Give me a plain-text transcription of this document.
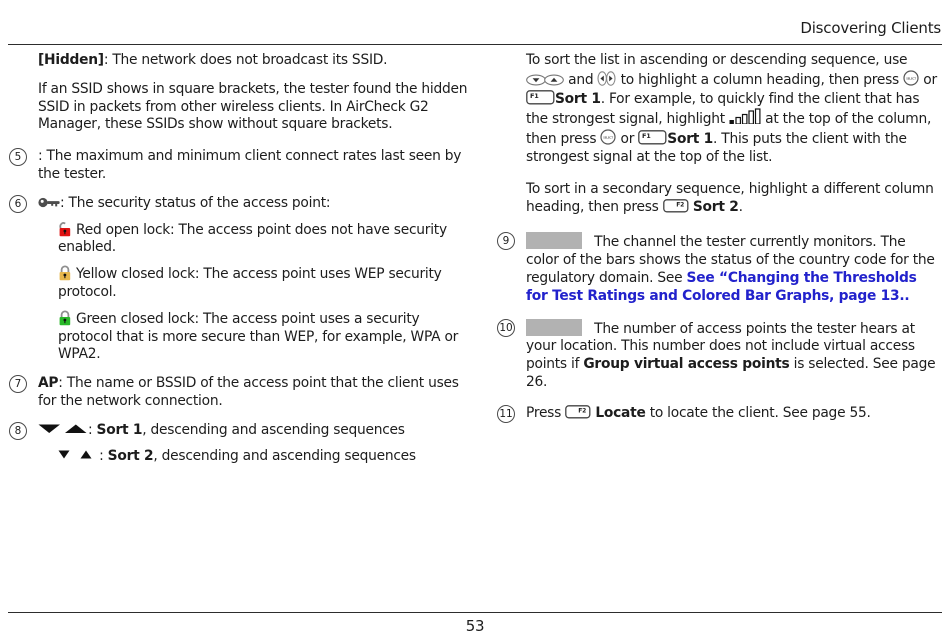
Discovering Clients

[Hidden]: The network does not broadcast its SSID.

If an SSID shows in square brackets, the tester found the hidden SSID in packets from other wireless clients. In AirCheck G2 Manager, these SSIDs show without square brackets.

5	: The maximum and minimum client connect rates last seen by the tester.
6	: The security status of the access point:
Red open lock: The access point does not have security enabled.
Yellow closed lock: The access point uses WEP security protocol.
Green closed lock: The access point uses a security protocol that is more secure than WEP, for example, WPA or WPA2.
7	AP: The name or BSSID of the access point that the client uses for the network connection.
8	: Sort 1, descending and ascending sequences
: Sort 2, descending and ascending sequences

To sort the list in ascending or descending sequence, use  and  to highlight a column heading, then press SELECT or
F1 Sort 1. For example, to quickly find the client that has the strongest signal, highlight  at the top of the column, then press SELECT or F1 Sort 1. This puts the client with the strongest signal at the top of the list.

To sort in a secondary sequence, highlight a different column heading, then press F2 Sort 2.

9	The channel the tester currently monitors. The color of the bars shows the status of the country code for the regulatory domain. See See “Changing the Thresholds for Test Ratings and Colored Bar Graphs, page 13..
10	The number of access points the tester hears at your location. This number does not include virtual access points if Group virtual access points is selected. See page 26.
11 Press F2 Locate to locate the client. See page 55.
53
